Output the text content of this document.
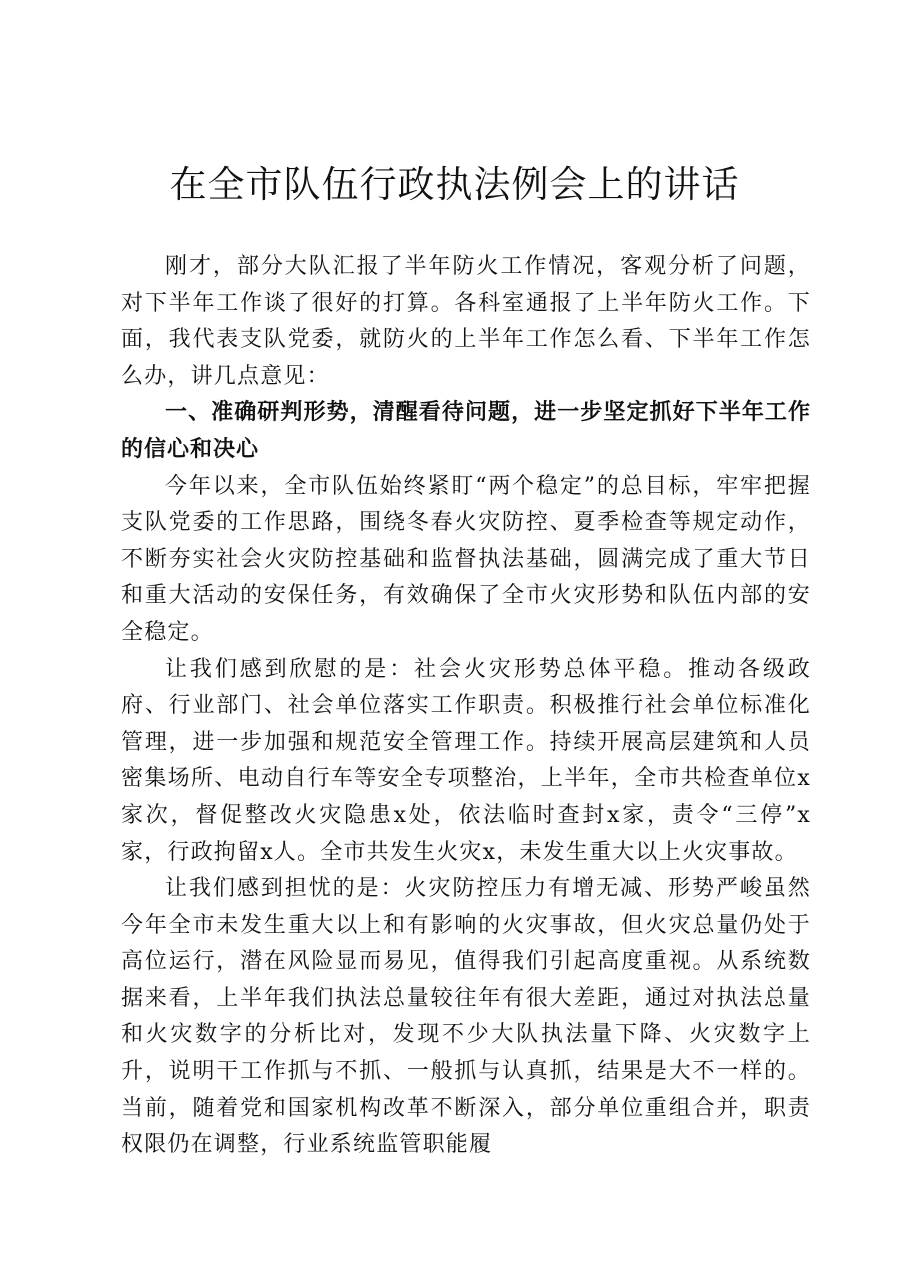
在全市队伍行政执法例会上的讲话

刚才，部分大队汇报了半年防火工作情况，客观分析了问题，对下半年工作谈了很好的打算。各科室通报了上半年防火工作。下面，我代表支队党委，就防火的上半年工作怎么看、下半年工作怎么办，讲几点意见：

一、准确研判形势，清醒看待问题，进一步坚定抓好下半年工作的信心和决心

今年以来，全市队伍始终紧盯“两个稳定”的总目标，牢牢把握支队党委的工作思路，围绕冬春火灾防控、夏季检查等规定动作，不断夯实社会火灾防控基础和监督执法基础，圆满完成了重大节日和重大活动的安保任务，有效确保了全市火灾形势和队伍内部的安全稳定。

让我们感到欣慰的是：社会火灾形势总体平稳。推动各级政府、行业部门、社会单位落实工作职责。积极推行社会单位标准化管理，进一步加强和规范安全管理工作。持续开展高层建筑和人员密集场所、电动自行车等安全专项整治，上半年，全市共检查单位x家次，督促整改火灾隐患x处，依法临时查封x家，责令“三停”x家，行政拘留x人。全市共发生火灾x，未发生重大以上火灾事故。

让我们感到担忧的是：火灾防控压力有增无减、形势严峻虽然今年全市未发生重大以上和有影响的火灾事故，但火灾总量仍处于高位运行，潜在风险显而易见，值得我们引起高度重视。从系统数据来看，上半年我们执法总量较往年有很大差距，通过对执法总量和火灾数字的分析比对，发现不少大队执法量下降、火灾数字上升，说明干工作抓与不抓、一般抓与认真抓，结果是大不一样的。当前，随着党和国家机构改革不断深入，部分单位重组合并，职责权限仍在调整，行业系统监管职能履
